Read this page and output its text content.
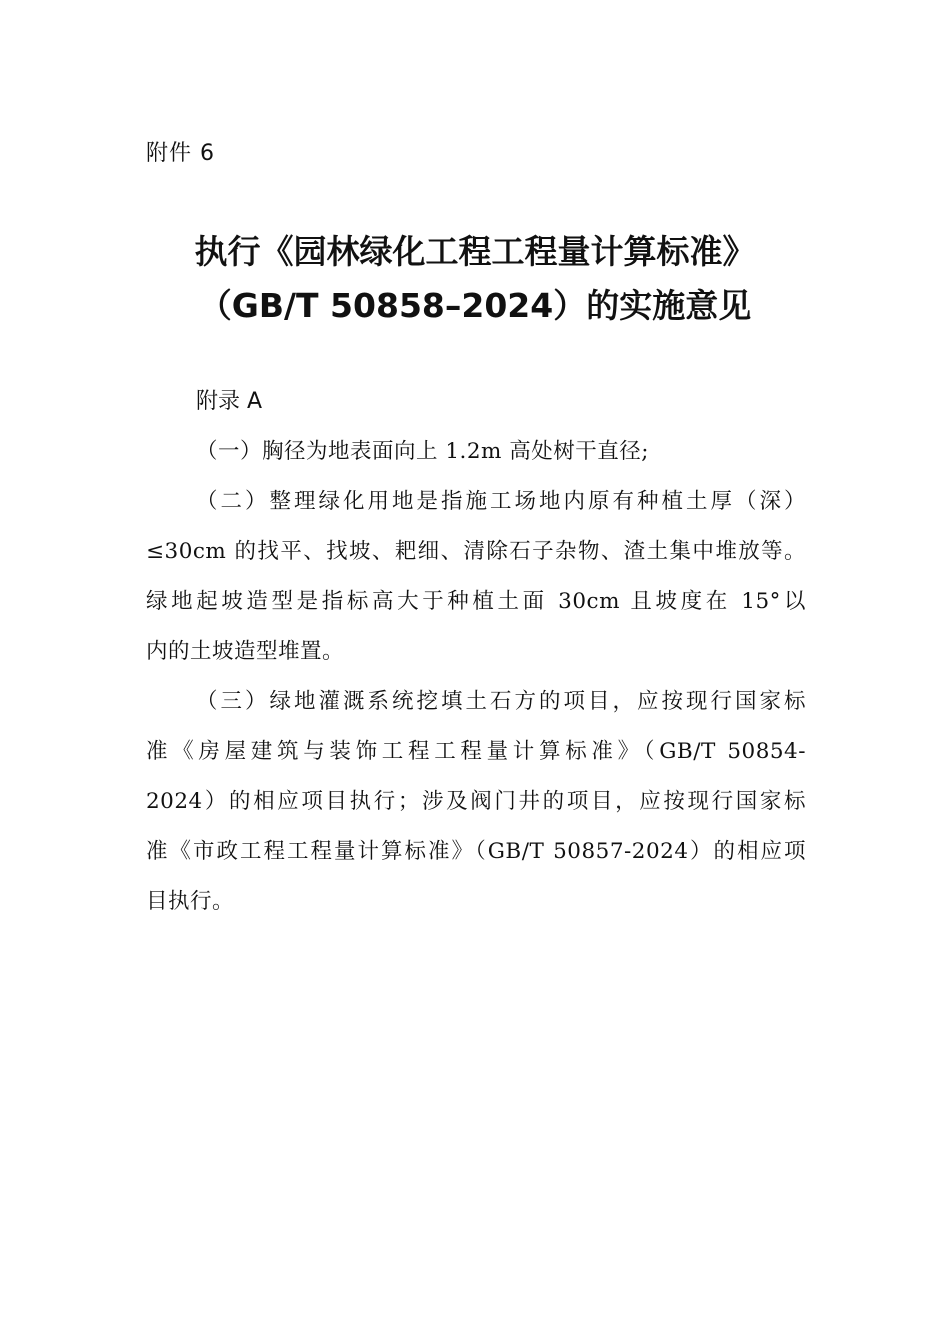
附件 6
执行《园林绿化工程工程量计算标准》
（GB/T 50858–2024）的实施意见
附录 A
（一）胸径为地表面向上 1.2m 高处树干直径;
（二）整理绿化用地是指施工场地内原有种植土厚（深）
≤30cm 的找平、找坡、耙细、清除石子杂物、渣土集中堆放等。
绿地起坡造型是指标高大于种植土面 30cm 且坡度在 15°以
内的土坡造型堆置。
（三）绿地灌溉系统挖填土石方的项目，应按现行国家标
准《房屋建筑与装饰工程工程量计算标准》（GB/T 50854-
2024）的相应项目执行；涉及阀门井的项目，应按现行国家标
准《市政工程工程量计算标准》（GB/T 50857-2024）的相应项
目执行。
